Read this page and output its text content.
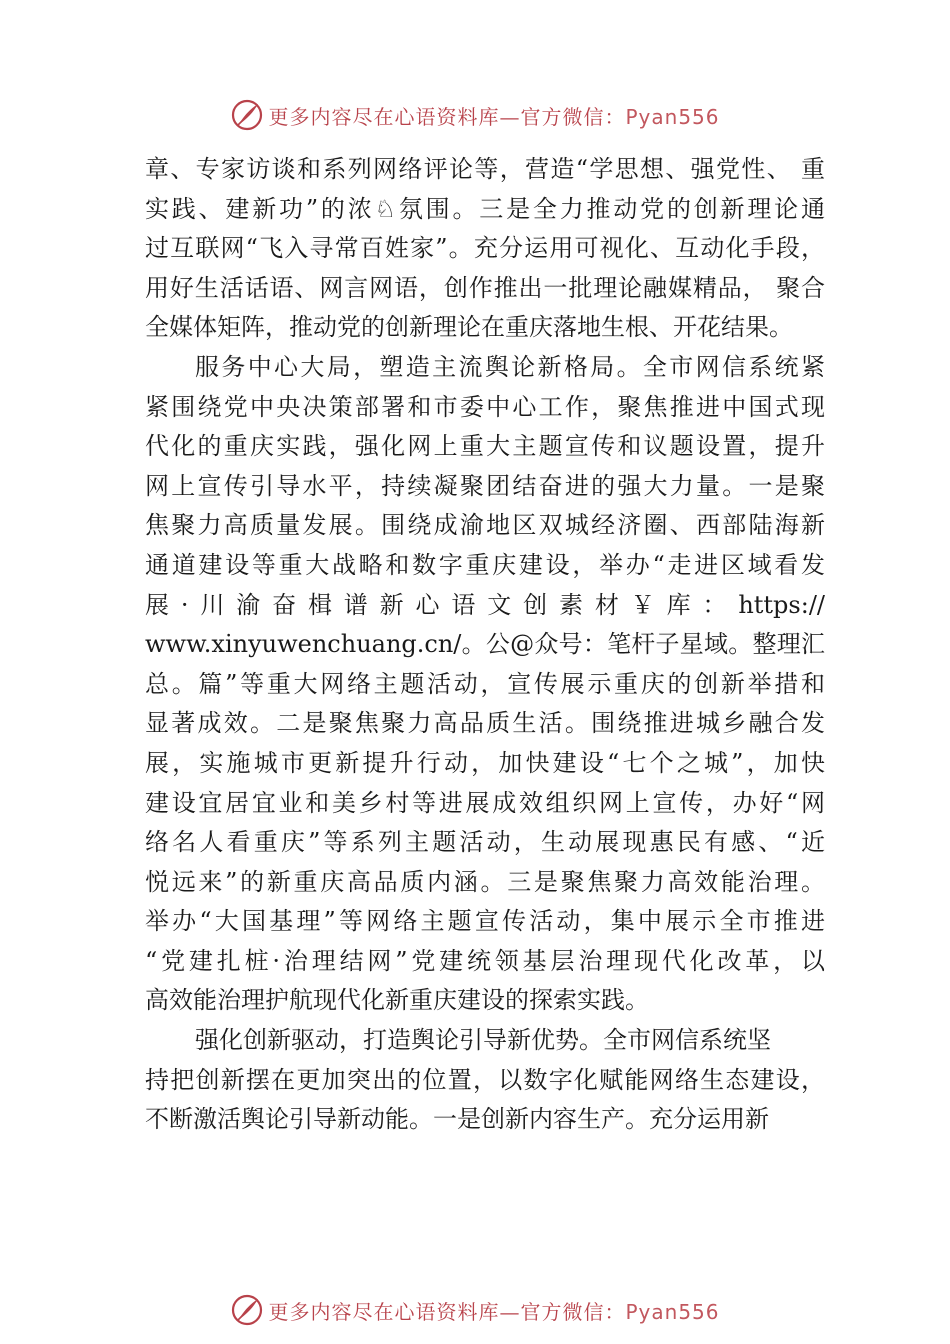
更多内容尽在心语资料库—官方微信：Pyan556
章、专家访谈和系列网络评论等，营造“学思想、强党性、 重
实践、建新功”的浓♘氛围。三是全力推动党的创新理论通
过互联网“飞入寻常百姓家”。充分运用可视化、互动化手段，
用好生活话语、网言网语，创作推出一批理论融媒精品， 聚合
全媒体矩阵，推动党的创新理论在重庆落地生根、开花结果。
服务中心大局，塑造主流舆论新格局。全市网信系统紧
紧围绕党中央决策部署和市委中心工作，聚焦推进中国式现
代化的重庆实践，强化网上重大主题宣传和议题设置，提升
网上宣传引导水平，持续凝聚团结奋进的强大力量。一是聚
焦聚力高质量发展。围绕成渝地区双城经济圈、西部陆海新
通道建设等重大战略和数字重庆建设，举办“走进区域看发
展·川渝奋楫谱新心语文创素材￥库：https://
www.xinyuwenchuang.cn/。公@众号：笔杆子星域。整理汇
总。篇”等重大网络主题活动，宣传展示重庆的创新举措和
显著成效。二是聚焦聚力高品质生活。围绕推进城乡融合发
展，实施城市更新提升行动，加快建设“七个之城”，加快
建设宜居宜业和美乡村等进展成效组织网上宣传，办好“网
络名人看重庆”等系列主题活动，生动展现惠民有感、“近
悦远来”的新重庆高品质内涵。三是聚焦聚力高效能治理。
举办“大国基理”等网络主题宣传活动，集中展示全市推进
“党建扎桩·治理结网”党建统领基层治理现代化改革，以
高效能治理护航现代化新重庆建设的探索实践。
强化创新驱动，打造舆论引导新优势。全市网信系统坚
持把创新摆在更加突出的位置，以数字化赋能网络生态建设，
不断激活舆论引导新动能。一是创新内容生产。充分运用新
更多内容尽在心语资料库—官方微信：Pyan556
